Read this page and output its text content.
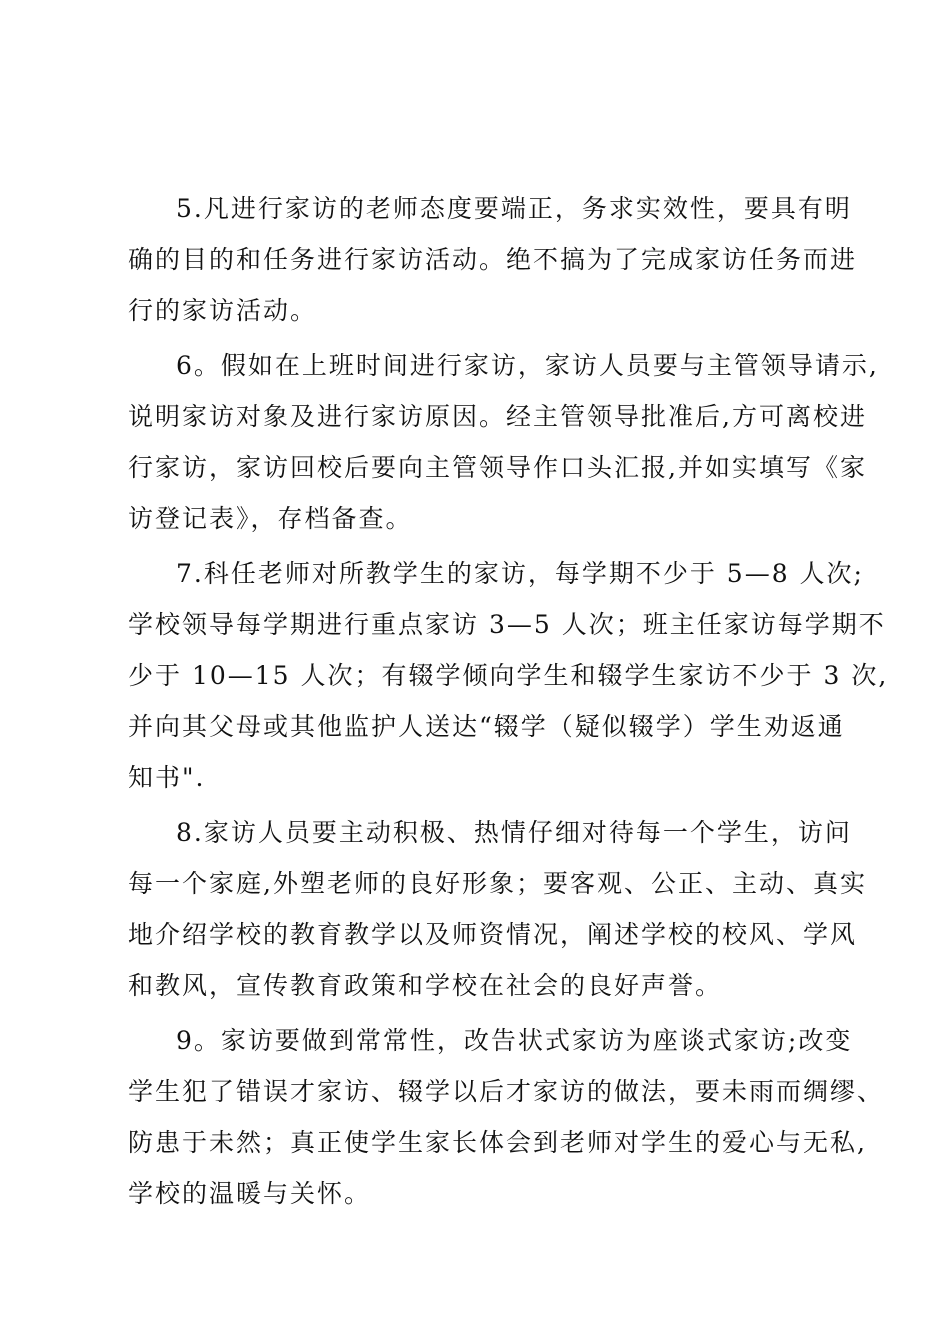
5.凡进行家访的老师态度要端正，务求实效性，要具有明
确的目的和任务进行家访活动。绝不搞为了完成家访任务而进
行的家访活动。

6。假如在上班时间进行家访，家访人员要与主管领导请示,
说明家访对象及进行家访原因。经主管领导批准后,方可离校进
行家访，家访回校后要向主管领导作口头汇报,并如实填写《家
访登记表》，存档备查。

7.科任老师对所教学生的家访，每学期不少于 5—8 人次;
学校领导每学期进行重点家访 3—5 人次；班主任家访每学期不
少于 10—15 人次；有辍学倾向学生和辍学生家访不少于 3 次,
并向其父母或其他监护人送达“辍学（疑似辍学）学生劝返通
知书".

8.家访人员要主动积极、热情仔细对待每一个学生，访问
每一个家庭,外塑老师的良好形象；要客观、公正、主动、真实
地介绍学校的教育教学以及师资情况，阐述学校的校风、学风
和教风，宣传教育政策和学校在社会的良好声誉。

9。家访要做到常常性，改告状式家访为座谈式家访;改变
学生犯了错误才家访、辍学以后才家访的做法，要未雨而绸缪、
防患于未然；真正使学生家长体会到老师对学生的爱心与无私,
学校的温暖与关怀。
